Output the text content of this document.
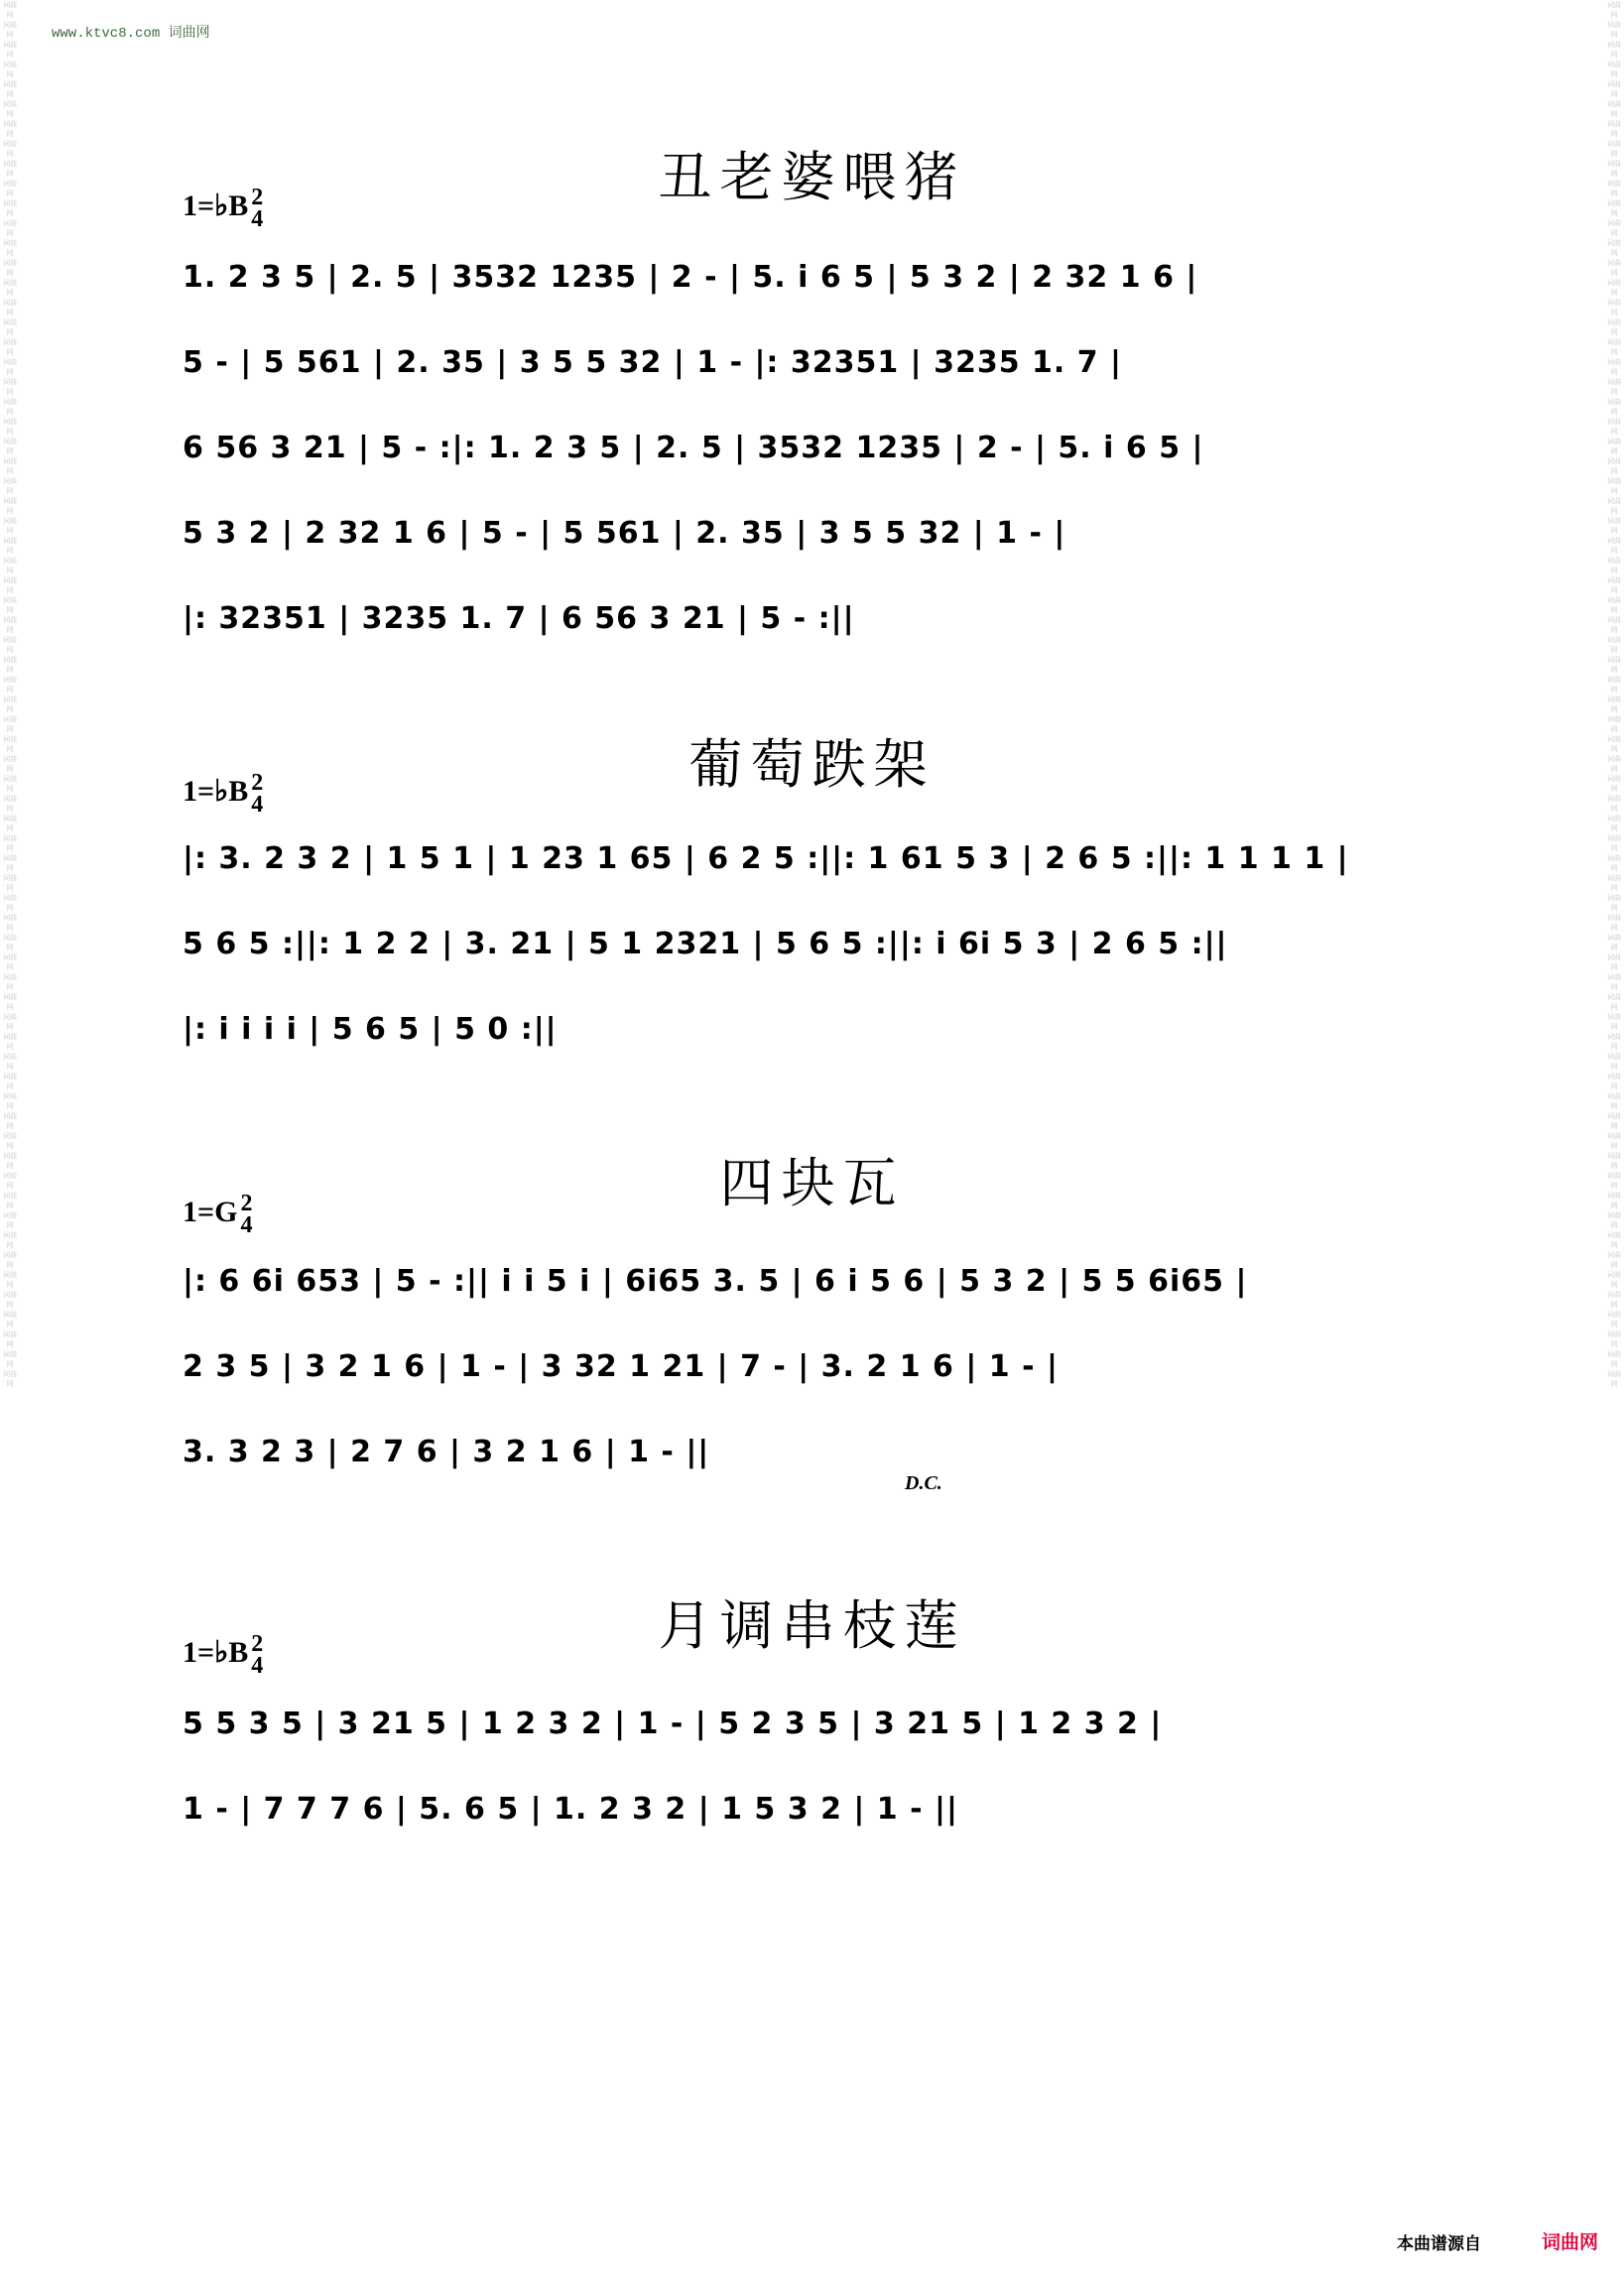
www.ktvc8.com 词曲网
词曲网 词曲网 词曲网 词曲网 词曲网 词曲网 词曲网 词曲网 词曲网 词曲网 词曲网 词曲网 词曲网 词曲网 词曲网 词曲网 词曲网 词曲网 词曲网 词曲网 词曲网 词曲网 词曲网 词曲网 词曲网 词曲网 词曲网 词曲网 词曲网 词曲网 词曲网 词曲网 词曲网 词曲网 词曲网 词曲网 词曲网 词曲网 词曲网 词曲网 词曲网 词曲网 词曲网 词曲网 词曲网 词曲网 词曲网 词曲网 词曲网 词曲网 词曲网 词曲网 词曲网 词曲网 词曲网 词曲网 词曲网 词曲网 词曲网 词曲网 词曲网 词曲网 词曲网 词曲网 词曲网 词曲网 词曲网 词曲网 词曲网 词曲网
词曲网 词曲网 词曲网 词曲网 词曲网 词曲网 词曲网 词曲网 词曲网 词曲网 词曲网 词曲网 词曲网 词曲网 词曲网 词曲网 词曲网 词曲网 词曲网 词曲网 词曲网 词曲网 词曲网 词曲网 词曲网 词曲网 词曲网 词曲网 词曲网 词曲网 词曲网 词曲网 词曲网 词曲网 词曲网 词曲网 词曲网 词曲网 词曲网 词曲网 词曲网 词曲网 词曲网 词曲网 词曲网 词曲网 词曲网 词曲网 词曲网 词曲网 词曲网 词曲网 词曲网 词曲网 词曲网 词曲网 词曲网 词曲网 词曲网 词曲网 词曲网 词曲网 词曲网 词曲网 词曲网 词曲网 词曲网 词曲网 词曲网 词曲网
丑老婆喂猪
1=♭B 2
4
1. 2 3 5 | 2. 5 | 3532 1235 | 2 - | 5. i 6 5 | 5 3 2 | 2 32 1 6 |
5 - | 5 561 | 2. 35 | 3 5 5 32 | 1 - |: 32351 | 3235 1. 7 |
6 56 3 21 | 5 - :|: 1. 2 3 5 | 2. 5 | 3532 1235 | 2 - | 5. i 6 5 |
5 3 2 | 2 32 1 6 | 5 - | 5 561 | 2. 35 | 3 5 5 32 | 1 - |
|: 32351 | 3235 1. 7 | 6 56 3 21 | 5 - :||
葡萄跌架
1=♭B 2
4
|: 3. 2 3 2 | 1 5 1 | 1 23 1 65 | 6 2 5 :||: 1 61 5 3 | 2 6 5 :||: 1 1 1 1 |
5 6 5 :||: 1 2 2 | 3. 21 | 5 1 2321 | 5 6 5 :||: i 6i 5 3 | 2 6 5 :||
|: i i i i | 5 6 5 | 5 0 :||
四块瓦
1=G 2
4
|: 6 6i 653 | 5 - :|| i i 5 i | 6i65 3. 5 | 6 i 5 6 | 5 3 2 | 5 5 6i65 |
2 3 5 | 3 2 1 6 | 1 - | 3 32 1 21 | 7 - | 3. 2 1 6 | 1 - |
3. 3 2 3 | 2 7 6 | 3 2 1 6 | 1 - ||
D.C.
月调串枝莲
1=♭B 2
4
5 5 3 5 | 3 21 5 | 1 2 3 2 | 1 - | 5 2 3 5 | 3 21 5 | 1 2 3 2 |
1 - | 7 7 7 6 | 5. 6 5 | 1. 2 3 2 | 1 5 3 2 | 1 - ||
本曲谱源自	词曲网
